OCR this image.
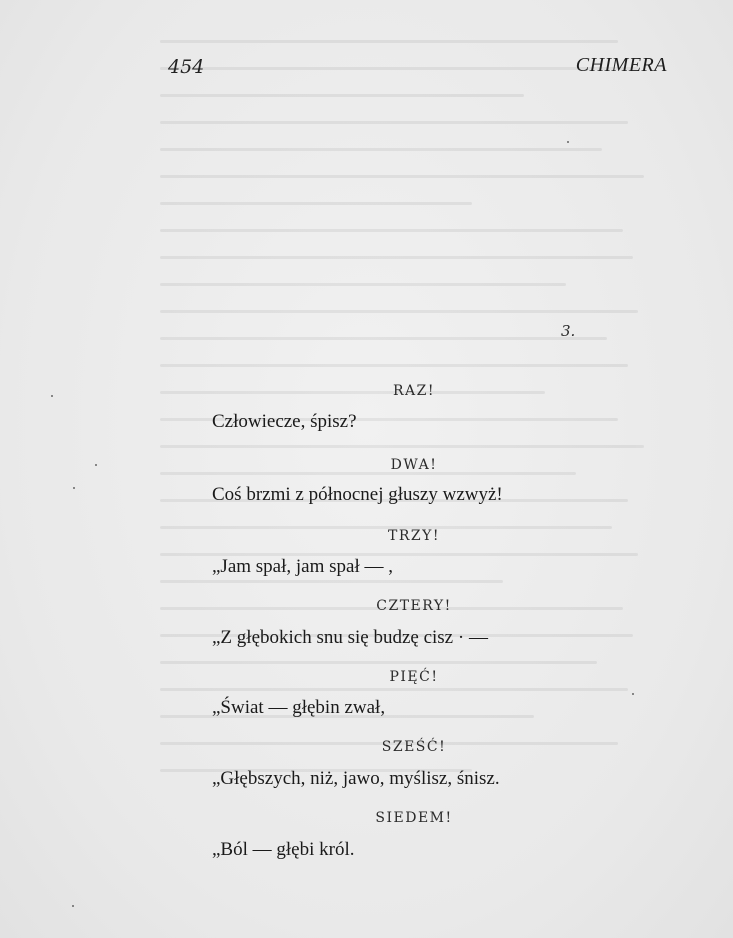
454	CHIMERA
3.
RAZ!
Człowiecze, śpisz?
DWA!
Coś brzmi z północnej głuszy wzwyż!
TRZY!
„Jam spał, jam spał — ,
CZTERY!
„Z głębokich snu się budzę cisz · —
PIĘĆ!
„Świat — głębin zwał,
SZEŚĆ!
„Głębszych, niż, jawo, myślisz, śnisz.
SIEDEM!
„Ból — głębi król.
